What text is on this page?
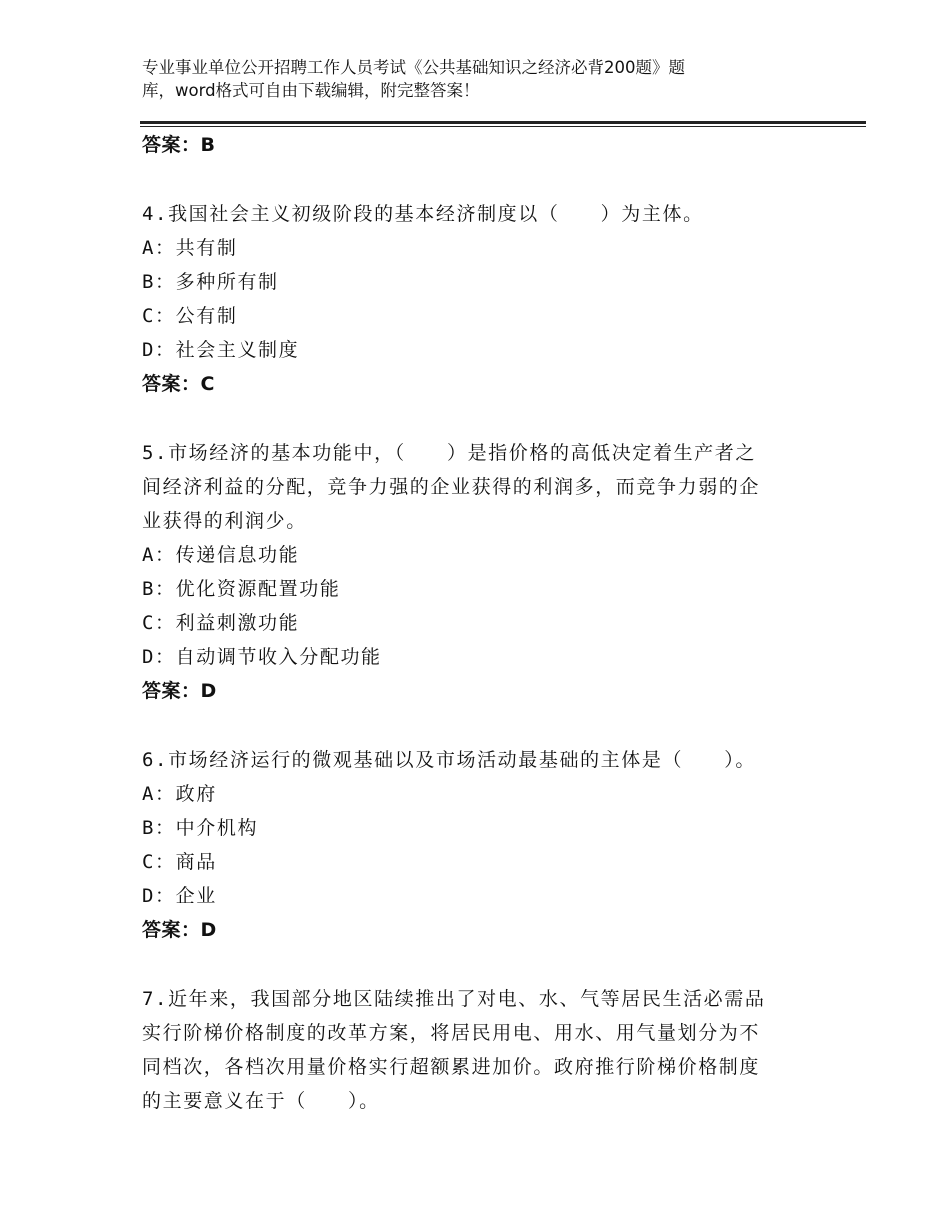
专业事业单位公开招聘工作人员考试《公共基础知识之经济必背200题》题
库，word格式可自由下载编辑，附完整答案！
答案：B
4.我国社会主义初级阶段的基本经济制度以（　　）为主体。
A：共有制
B：多种所有制
C：公有制
D：社会主义制度
答案：C
5.市场经济的基本功能中，（　　）是指价格的高低决定着生产者之
间经济利益的分配，竞争力强的企业获得的利润多，而竞争力弱的企
业获得的利润少。
A：传递信息功能
B：优化资源配置功能
C：利益刺激功能
D：自动调节收入分配功能
答案：D
6.市场经济运行的微观基础以及市场活动最基础的主体是（　　）。
A：政府
B：中介机构
C：商品
D：企业
答案：D
7.近年来，我国部分地区陆续推出了对电、水、气等居民生活必需品
实行阶梯价格制度的改革方案，将居民用电、用水、用气量划分为不
同档次，各档次用量价格实行超额累进加价。政府推行阶梯价格制度
的主要意义在于（　　）。
